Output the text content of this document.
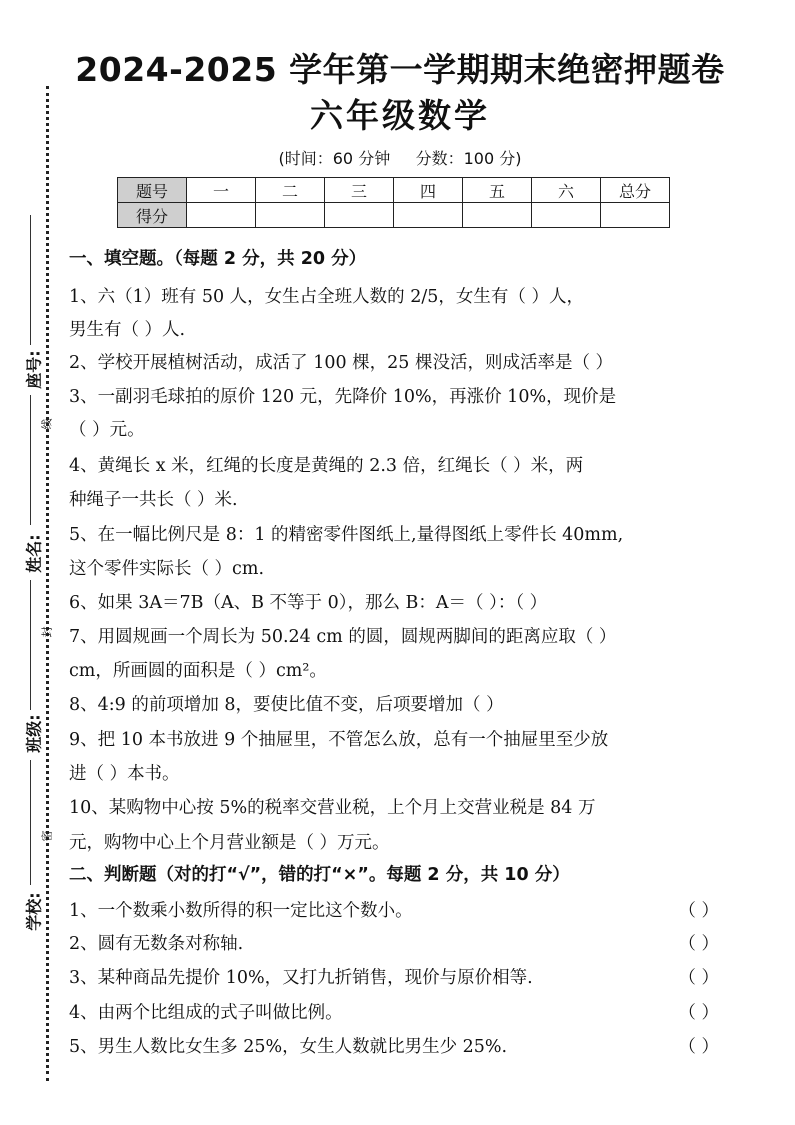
座号:
线
姓名:
封
班级:
密
学校:
2024-2025 学年第一学期期末绝密押题卷
六年级数学
(时间：60 分钟     分数：100 分)
题号	一	二	三	四	五	六	总分
得分							
一、填空题。（每题 2 分，共 20 分）
1、六（1）班有 50 人，女生占全班人数的 2/5，女生有（ ）人，
男生有（ ）人.
2、学校开展植树活动，成活了 100 棵，25 棵没活，则成活率是（ ）
3、一副羽毛球拍的原价 120 元，先降价 10%，再涨价 10%，现价是
（ ）元。
4、黄绳长 x 米，红绳的长度是黄绳的 2.3 倍，红绳长（ ）米，两
种绳子一共长（ ）米.
5、在一幅比例尺是 8：1 的精密零件图纸上,量得图纸上零件长 40mm,
这个零件实际长（ ）cm.
6、如果 3A＝7B（A、B 不等于 0），那么 B：A＝（ ）：（ ）
7、用圆规画一个周长为 50.24 cm 的圆，圆规两脚间的距离应取（ ）
cm，所画圆的面积是（ ）cm²。
8、4:9 的前项增加 8，要使比值不变，后项要增加（ ）
9、把 10 本书放进 9 个抽屉里，不管怎么放，总有一个抽屉里至少放
进（ ）本书。
10、某购物中心按 5%的税率交营业税，上个月上交营业税是 84 万
元，购物中心上个月营业额是（ ）万元。
二、判断题（对的打“√”，错的打“×”。每题 2 分，共 10 分）
1、一个数乘小数所得的积一定比这个数小。	（ ）
2、圆有无数条对称轴.	（ ）
3、某种商品先提价 10%，又打九折销售，现价与原价相等.	（ ）
4、由两个比组成的式子叫做比例。	（ ）
5、男生人数比女生多 25%，女生人数就比男生少 25%.	（ ）
